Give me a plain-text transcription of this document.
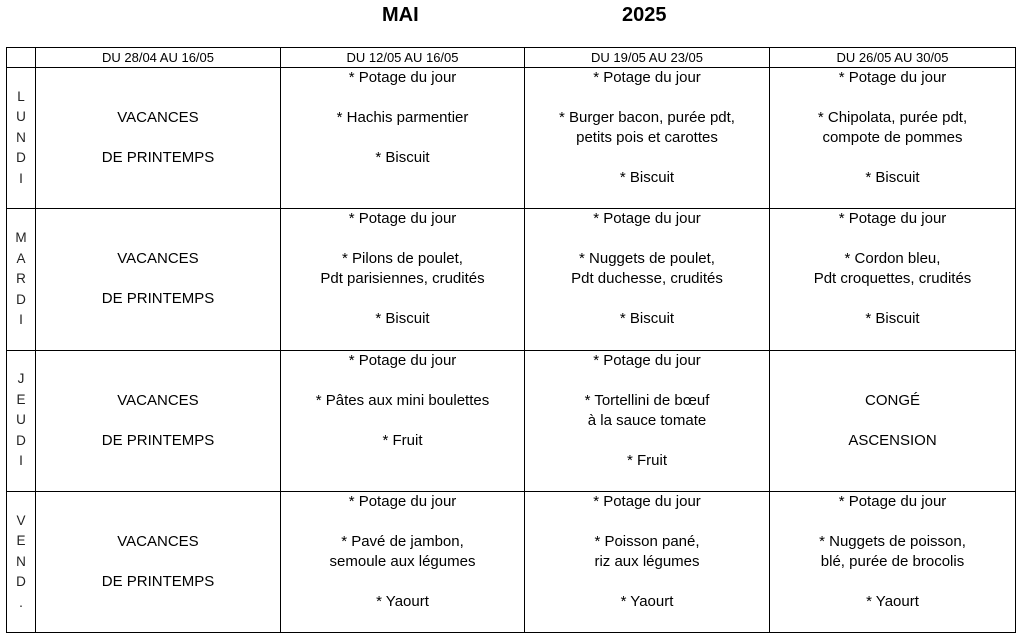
MAI	2025
	DU 28/04 AU 16/05	DU 12/05 AU 16/05	DU 19/05 AU 23/05	DU 26/05 AU 30/05

L
U
N
D
I	VACANCES
DE PRINTEMPS	* Potage du jour
* Hachis parmentier
* Biscuit	* Potage du jour
* Burger bacon, purée pdt,
petits pois et carottes
* Biscuit	* Potage du jour
* Chipolata, purée pdt,
compote de pommes
* Biscuit

M
A
R
D
I	VACANCES
DE PRINTEMPS	* Potage du jour
* Pilons de poulet,
Pdt parisiennes, crudités
* Biscuit	* Potage du jour
* Nuggets de poulet,
Pdt duchesse, crudités
* Biscuit	* Potage du jour
* Cordon bleu,
Pdt croquettes, crudités
* Biscuit

J
E
U
D
I	VACANCES
DE PRINTEMPS	* Potage du jour
* Pâtes aux mini boulettes
* Fruit	* Potage du jour
* Tortellini de bœuf
à la sauce tomate
* Fruit	CONGÉ
ASCENSION

V
E
N
D
.	VACANCES
DE PRINTEMPS	* Potage du jour
* Pavé de jambon,
semoule aux légumes
* Yaourt	* Potage du jour
* Poisson pané,
riz aux légumes
* Yaourt	* Potage du jour
* Nuggets de poisson,
blé, purée de brocolis
* Yaourt
